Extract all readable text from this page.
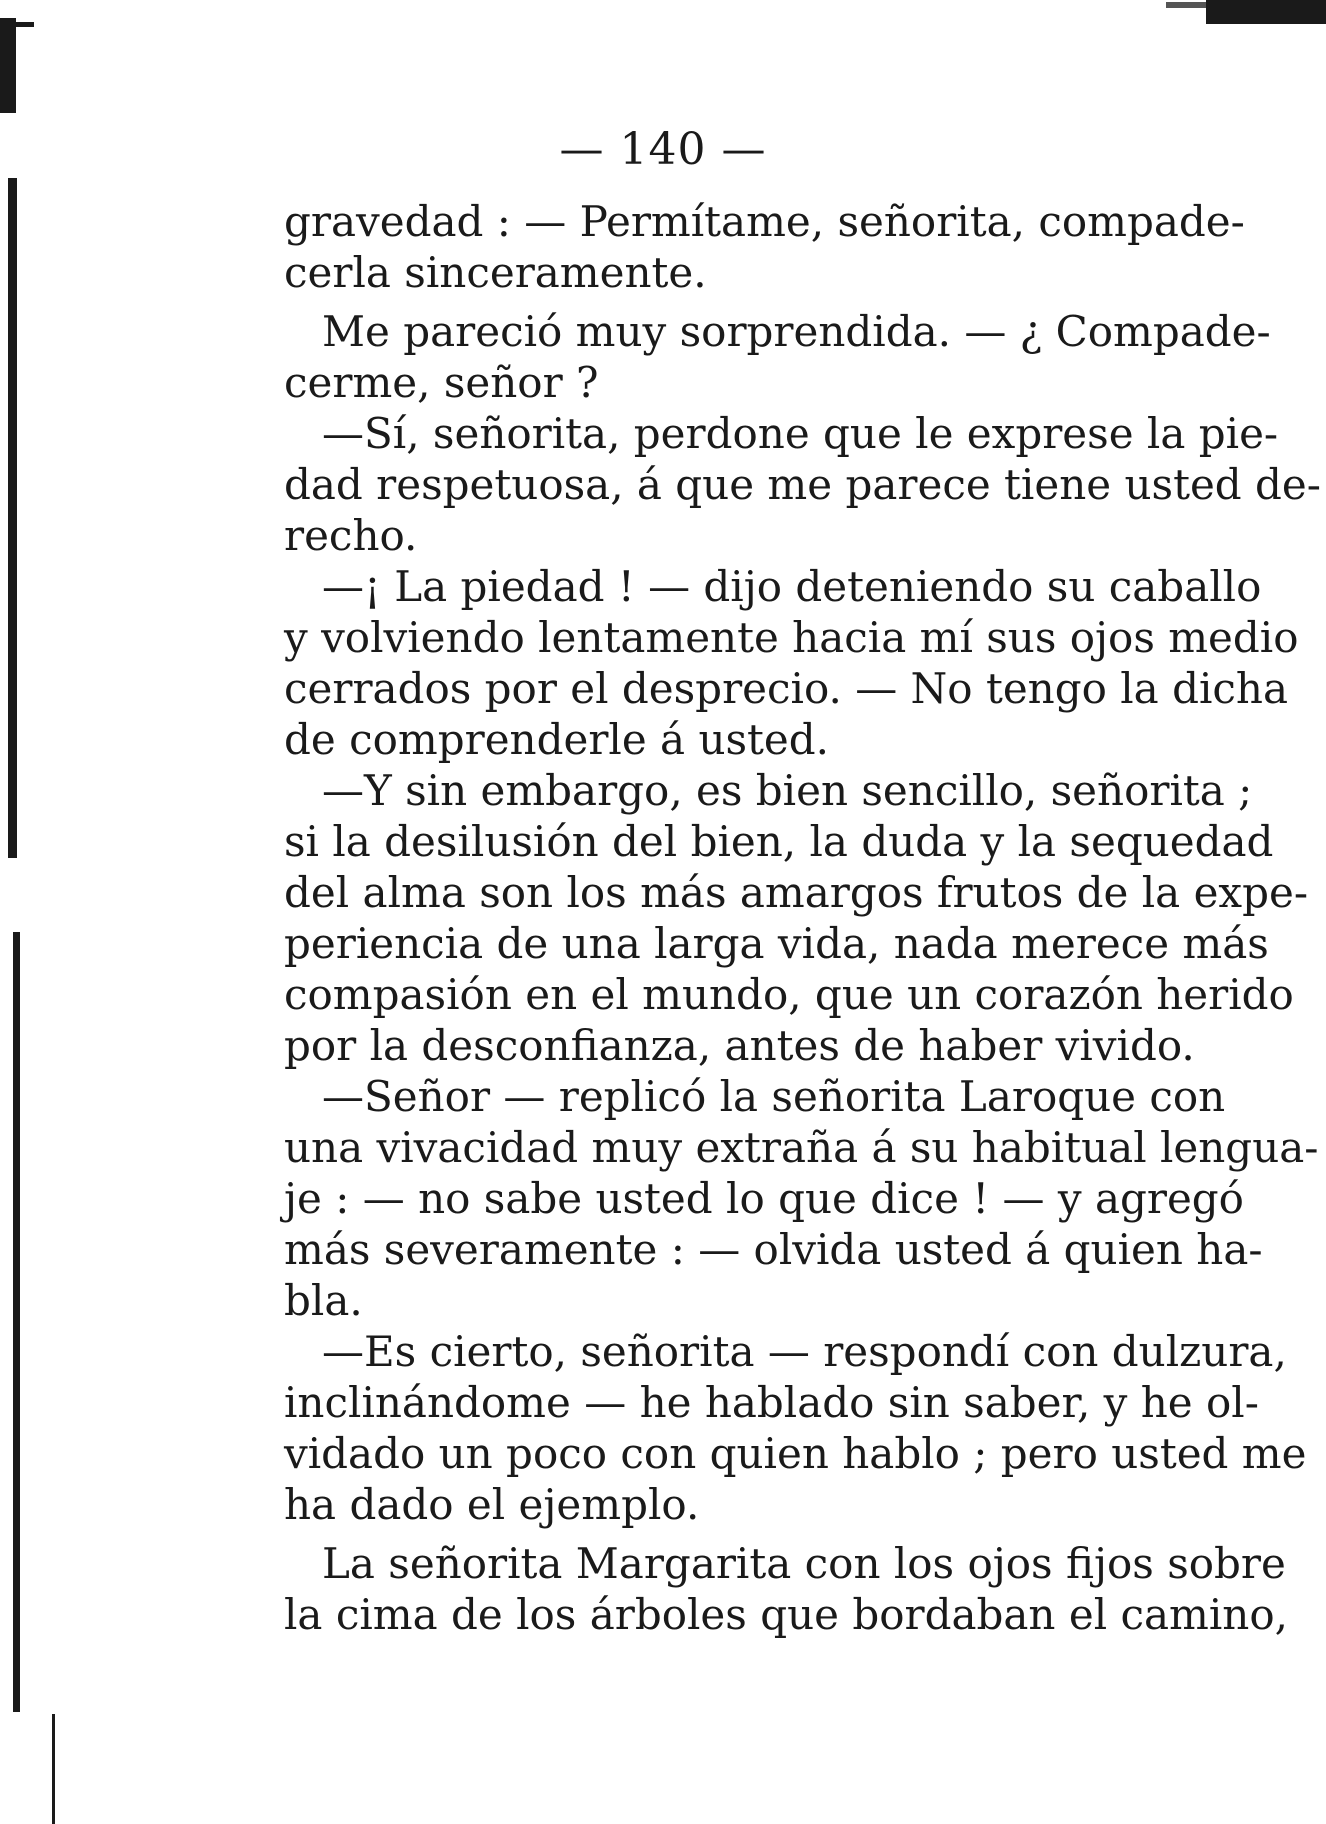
— 140 —
gravedad : — Permítame, señorita, compade-
cerla sinceramente.
Me pareció muy sorprendida. — ¿ Compade-
cerme, señor ?
—Sí, señorita, perdone que le exprese la pie-
dad respetuosa, á que me parece tiene usted de-
recho.
—¡ La piedad ! — dijo deteniendo su caballo
y volviendo lentamente hacia mí sus ojos medio
cerrados por el desprecio. — No tengo la dicha
de comprenderle á usted.
—Y sin embargo, es bien sencillo, señorita ;
si la desilusión del bien, la duda y la sequedad
del alma son los más amargos frutos de la expe-
periencia de una larga vida, nada merece más
compasión en el mundo, que un corazón herido
por la desconfianza, antes de haber vivido.
—Señor — replicó la señorita Laroque con
una vivacidad muy extraña á su habitual lengua-
je : — no sabe usted lo que dice ! — y agregó
más severamente : — olvida usted á quien ha-
bla.
—Es cierto, señorita — respondí con dulzura,
inclinándome — he hablado sin saber, y he ol-
vidado un poco con quien hablo ; pero usted me
ha dado el ejemplo.
La señorita Margarita con los ojos fijos sobre
la cima de los árboles que bordaban el camino,
